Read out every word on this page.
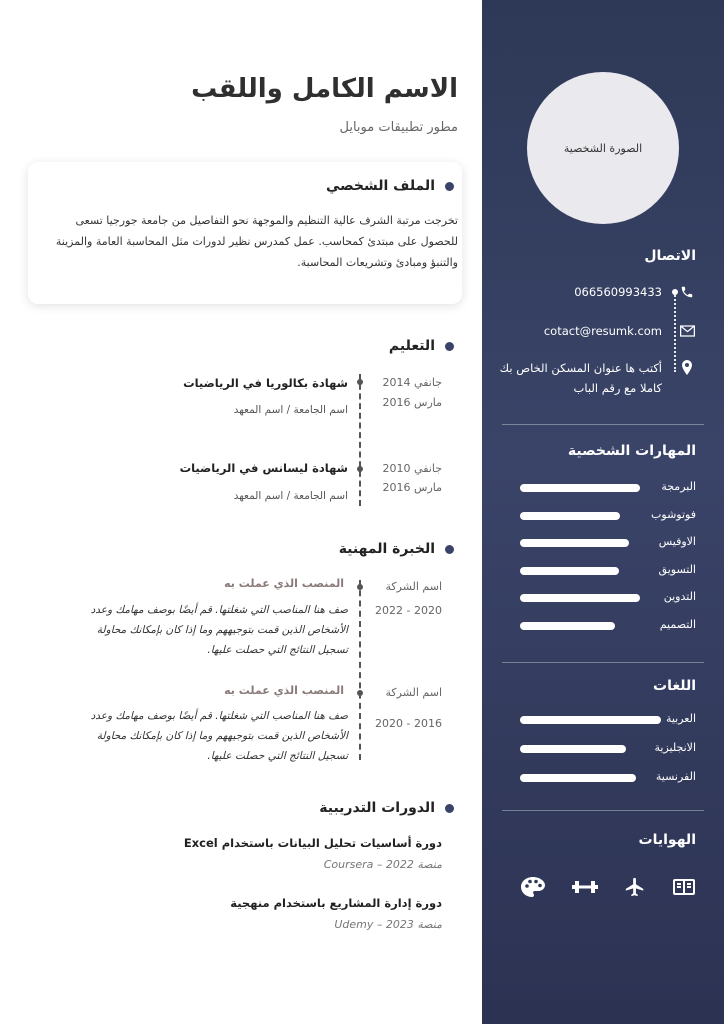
الصورة الشخصية
الاتصال
066560993433
cotact@resumk.com
أكتب ها عنوان المسكن الخاص بك
كاملا مع رقم الباب
المهارات الشخصية
البرمجة
فوتوشوب
الاوفيس
التسويق
التدوين
التصميم
اللغات
العربية
الانجليزية
الفرنسية
الهوايات
الاسم الكامل واللقب
مطور تطبيقات موبايل
الملف الشخصي

تخرجت مرتبة الشرف عالية التنظيم والموجهة نحو التفاصيل من جامعة جورجيا تسعى للحصول على مبتدئ كمحاسب. عمل كمدرس نظير لدورات مثل المحاسبة العامة والمزينة والتنبؤ ومبادئ وتشريعات المحاسبة.

التعليم
جانفي 2014
مارس 2016
شهادة بكالوريا في الرياضيات
اسم الجامعة / اسم المعهد
جانفي 2010
مارس 2016
شهادة ليسانس في الرياضيات
اسم الجامعة / اسم المعهد
الخبرة المهنية
اسم الشركة
2020 - 2022
المنصب الذي عملت به

صف هنا المناصب التي شغلتها. قم أيضًا بوصف مهامك وعدد الأشخاص الذين قمت بتوجيههم وما إذا كان بإمكانك محاولة تسجيل النتائج التي حصلت عليها.

اسم الشركة
2016 - 2020
المنصب الذي عملت به

صف هنا المناصب التي شغلتها. قم أيضًا بوصف مهامك وعدد الأشخاص الذين قمت بتوجيههم وما إذا كان بإمكانك محاولة تسجيل النتائج التي حصلت عليها.

الدورات التدريبية
دورة أساسيات تحليل البيانات باستخدام Excel
منصة Coursera – 2022
دورة إدارة المشاريع باستخدام منهجية
منصة Udemy – 2023
